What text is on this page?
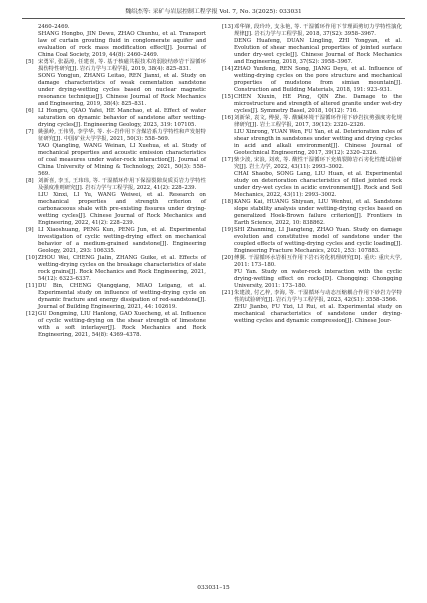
魏绍杰等: 采矿与岩层控制工程学报 Vol. 7, No. 3(2025): 033031
2460–2469.
SHANG Hongbo, JIN Dewu, ZHAO Chunhu, et al. Transport law of curtain grouting fluid in conglomerate aquifer and evaluation of rock mass modification effect[J]. Journal of China Coal Society, 2019, 44(8): 2460–2469.
[5] 宋勇军, 张磊涛, 任建喜, 等. 基于核磁共振技术的弱胶结砂岩干湿循环损伤特性研究[J]. 岩石力学与工程学报, 2019, 38(4): 825–831.
SONG Yongjun, ZHANG Leitao, REN Jianxi, et al. Study on damage characteristics of weak cementation sandstone under drying-wetting cycles based on nuclear magnetic resonance technique[J]. Chinese Journal of Rock Mechanics and Engineering, 2019, 38(4): 825–831.
[6] LI Hongru, QIAO Yafei, HE Manchao, et al. Effect of water saturation on dynamic behavior of sandstone after wetting-drying cycles[J]. Engineering Geology, 2023, 319: 107105.
[7] 姚强岭, 王伟男, 李学华, 等. 水–岩作用下含煤岩系力学特性和声发射特征研究[J]. 中国矿业大学学报, 2021, 50(3): 558–569.
YAO Qiangling, WANG Weinan, LI Xuehua, et al. Study of mechanical properties and acoustic emission characteristics of coal measures under water-rock interaction[J]. Journal of China University of Mining & Technology, 2021, 50(3): 558–569.
[8] 刘新喜, 李玉, 王玮玮, 等. 干湿循环作用下保湿裂隙炭质页岩力学特性及强度准则研究[J]. 岩石力学与工程学报, 2022, 41(2): 228–239.
LIU Xinxi, LI Yu, WANG Weiwei, et al. Research on mechanical properties and strength criterion of carbonaceous shale with pre-existing fissures under drying-wetting cycles[J]. Chinese Journal of Rock Mechanics and Engineering, 2022, 41(2): 228–239.
[9] LI Xiaoshuang, PENG Kun, PENG Jun, et al. Experimental investigation of cyclic wetting-drying effect on mechanical behavior of a medium-grained sandstone[J]. Engineering Geology, 2021, 293: 106335.
[10] ZHOU Wei, CHENG Jialin, ZHANG Guike, et al. Effects of wetting-drying cycles on the breakage characteristics of slate rock grains[J]. Rock Mechanics and Rock Engineering, 2021, 54(12): 6323–6337.
[11] DU Bin, CHENG Qiangqiang, MIAO Leigang, et al. Experimental study on influence of wetting-drying cycle on dynamic fracture and energy dissipation of red-sandstone[J]. Journal of Building Engineering, 2021, 44: 102619.
[12] GU Dongming, LIU Hanlong, GAO Xuecheng, et al. Influence of cyclic wetting-drying on the shear strength of limestone with a soft interlayer[J]. Rock Mechanics and Rock Engineering, 2021, 54(8): 4369–4378.
[13] 邓华锋, 段玲玲, 支永艳, 等. 干湿循环作用下节理面剪切力学特性演化规律[J]. 岩石力学与工程学报, 2018, 37(S2): 3958–3967.
DENG Huafeng, DUAN Lingling, ZHI Yongyan, et al. Evolution of shear mechanical properties of jointed surface under dry-wet cycle[J]. Chinese Journal of Rock Mechanics and Engineering, 2018, 37(S2): 3958–3967.
[14] ZHAO Yunfeng, REN Song, JIANG Deyu, et al. Influence of wetting-drying cycles on the pore structure and mechanical properties of mudstone from simian mountain[J]. Construction and Building Materials, 2018, 191: 923–931.
[15] CHEN Xiuxin, HE Ping, QIN Zhe. Damage to the microstructure and strength of altered granite under wet-dry cycles[J]. Symmetry Basel, 2018, 10(12): 716.
[16] 刘新荣, 袁文, 傅晏, 等. 酸碱环境干湿循环作用下砂岩抗剪强度劣化规律研究[J]. 岩土工程学报, 2017, 39(12): 2320–2326.
LIU Xinrong, YUAN Wen, FU Yan, et al. Deterioration rules of shear strength in sandstones under wetting and drying cycles in acid and alkali environment[J]. Chinese Journal of Geotechnical Engineering, 2017, 39(12): 2320–2326.
[17] 柴少波, 宋浪, 刘欢, 等. 酸性干湿循环下充填裂隙岩石劣化性能试验研究[J]. 岩土力学, 2022, 43(11): 2993–3002.
CHAI Shaobo, SONG Lang, LIU Huan, et al. Experimental study on deterioration characteristics of filled jointed rock under dry-wet cycles in acidic environment[J]. Rock and Soil Mechanics, 2022, 43(11): 2993–3002.
[18] KANG Kai, HUANG Shiyuan, LIU Wenhui, et al. Sandstone slope stability analysis under wetting-drying cycles based on generalized Hoek-Brown failure criterion[J]. Frontiers in Earth Science, 2022, 10: 838862.
[19] SHI Zhanming, LI Jiangteng, ZHAO Yuan. Study on damage evolution and constitutive model of sandstone under the coupled effects of wetting-drying cycles and cyclic loading[J]. Engineering Fracture Mechanics, 2021, 253: 107883.
[20] 傅翼. 干湿循环水岩相互作用下岩石劣化机理研究[D]. 重庆: 重庆大学, 2011: 173–180.
FU Yan. Study on water-rock interaction with the cyclic drying-wetting effect on rocks[D]. Chongqing: Chongqing University, 2011: 173–180.
[21] 朱建波, 付乙梓, 李海, 等. 干湿循环与动态压缩耦合作用下砂岩力学特性的试验研究[J]. 岩石力学与工程学报, 2023, 42(S1): 3558–3566.
ZHU Jianbo, FU Yizi, LI Rui, et al. Experimental study on mechanical characteristics of sandstone under drying-wetting cycles and dynamic compression[J]. Chinese Jour-
033031–15
